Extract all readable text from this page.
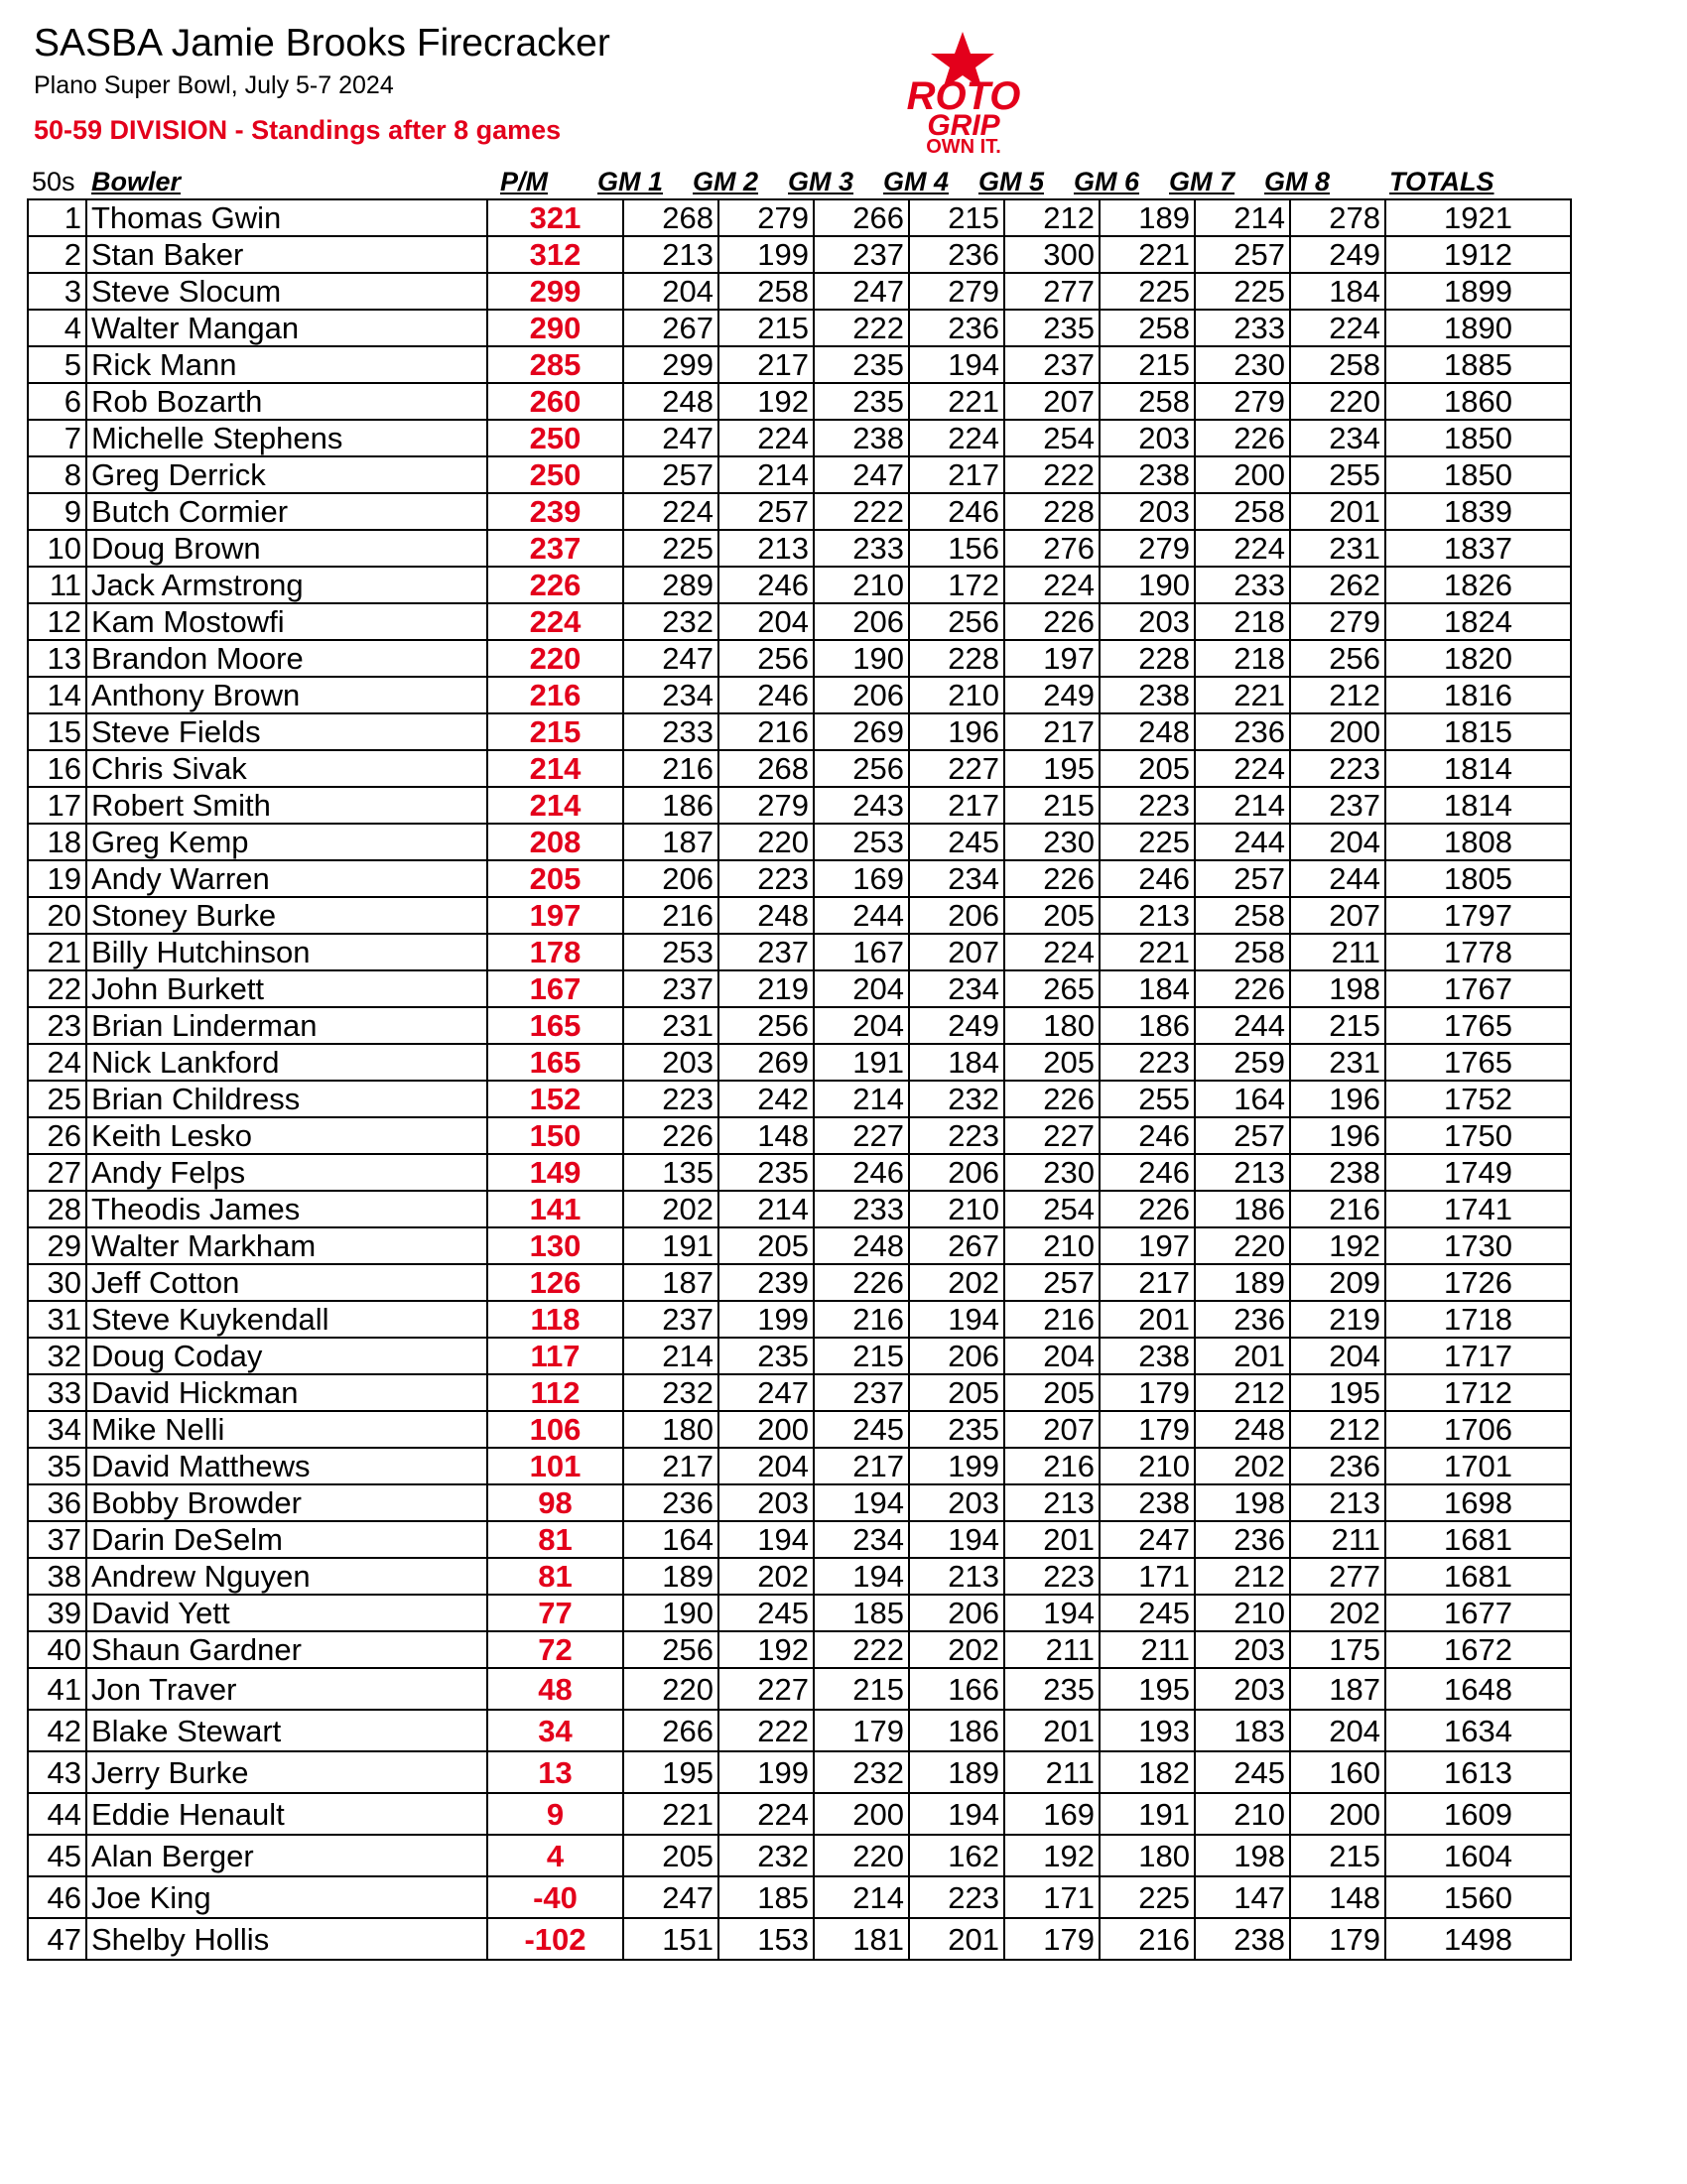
SASBA Jamie Brooks Firecracker
Plano Super Bowl, July 5-7 2024
50-59 DIVISION - Standings after 8 games
ROTO
GRIP
OWN IT.
50s Bowler	P/M GM 1 GM 2 GM 3 GM 4 GM 5 GM 6 GM 7 GM 8 TOTALS
1	Thomas Gwin	321	268	279	266	215	212	189	214	278	1921
2	Stan Baker	312	213	199	237	236	300	221	257	249	1912
3	Steve Slocum	299	204	258	247	279	277	225	225	184	1899
4	Walter Mangan	290	267	215	222	236	235	258	233	224	1890
5	Rick Mann	285	299	217	235	194	237	215	230	258	1885
6	Rob Bozarth	260	248	192	235	221	207	258	279	220	1860
7	Michelle Stephens	250	247	224	238	224	254	203	226	234	1850
8	Greg Derrick	250	257	214	247	217	222	238	200	255	1850
9	Butch Cormier	239	224	257	222	246	228	203	258	201	1839
10	Doug Brown	237	225	213	233	156	276	279	224	231	1837
11	Jack Armstrong	226	289	246	210	172	224	190	233	262	1826
12	Kam Mostowfi	224	232	204	206	256	226	203	218	279	1824
13	Brandon Moore	220	247	256	190	228	197	228	218	256	1820
14	Anthony Brown	216	234	246	206	210	249	238	221	212	1816
15	Steve Fields	215	233	216	269	196	217	248	236	200	1815
16	Chris Sivak	214	216	268	256	227	195	205	224	223	1814
17	Robert Smith	214	186	279	243	217	215	223	214	237	1814
18	Greg Kemp	208	187	220	253	245	230	225	244	204	1808
19	Andy Warren	205	206	223	169	234	226	246	257	244	1805
20	Stoney Burke	197	216	248	244	206	205	213	258	207	1797
21	Billy Hutchinson	178	253	237	167	207	224	221	258	211	1778
22	John Burkett	167	237	219	204	234	265	184	226	198	1767
23	Brian Linderman	165	231	256	204	249	180	186	244	215	1765
24	Nick Lankford	165	203	269	191	184	205	223	259	231	1765
25	Brian Childress	152	223	242	214	232	226	255	164	196	1752
26	Keith Lesko	150	226	148	227	223	227	246	257	196	1750
27	Andy Felps	149	135	235	246	206	230	246	213	238	1749
28	Theodis James	141	202	214	233	210	254	226	186	216	1741
29	Walter Markham	130	191	205	248	267	210	197	220	192	1730
30	Jeff Cotton	126	187	239	226	202	257	217	189	209	1726
31	Steve Kuykendall	118	237	199	216	194	216	201	236	219	1718
32	Doug Coday	117	214	235	215	206	204	238	201	204	1717
33	David Hickman	112	232	247	237	205	205	179	212	195	1712
34	Mike Nelli	106	180	200	245	235	207	179	248	212	1706
35	David Matthews	101	217	204	217	199	216	210	202	236	1701
36	Bobby Browder	98	236	203	194	203	213	238	198	213	1698
37	Darin DeSelm	81	164	194	234	194	201	247	236	211	1681
38	Andrew Nguyen	81	189	202	194	213	223	171	212	277	1681
39	David Yett	77	190	245	185	206	194	245	210	202	1677
40	Shaun Gardner	72	256	192	222	202	211	211	203	175	1672
41	Jon Traver	48	220	227	215	166	235	195	203	187	1648
42	Blake Stewart	34	266	222	179	186	201	193	183	204	1634
43	Jerry Burke	13	195	199	232	189	211	182	245	160	1613
44	Eddie Henault	9	221	224	200	194	169	191	210	200	1609
45	Alan Berger	4	205	232	220	162	192	180	198	215	1604
46	Joe King	-40	247	185	214	223	171	225	147	148	1560
47	Shelby Hollis	-102	151	153	181	201	179	216	238	179	1498
